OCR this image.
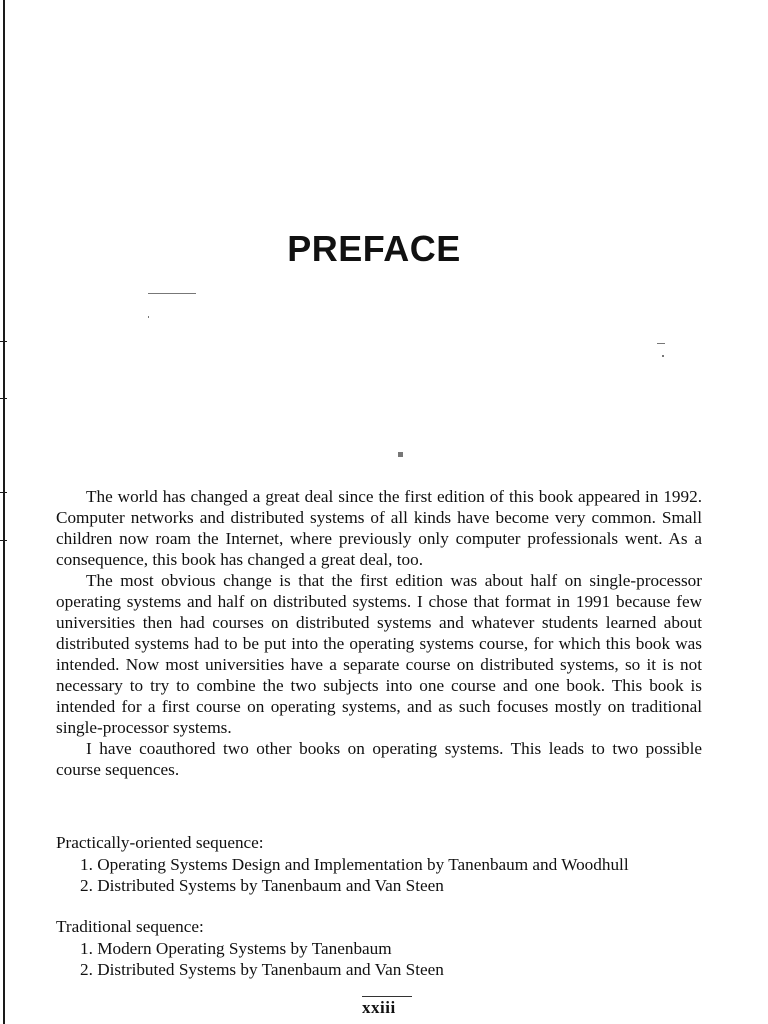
PREFACE

The world has changed a great deal since the first edition of this book appeared in 1992. Computer networks and distributed systems of all kinds have become very common. Small children now roam the Internet, where previously only computer professionals went. As a consequence, this book has changed a great deal, too.

The most obvious change is that the first edition was about half on single-processor operating systems and half on distributed systems. I chose that format in 1991 because few universities then had courses on distributed systems and whatever students learned about distributed systems had to be put into the operating systems course, for which this book was intended. Now most universities have a separate course on distributed systems, so it is not necessary to try to combine the two subjects into one course and one book. This book is intended for a first course on operating systems, and as such focuses mostly on traditional single-processor systems.

I have coauthored two other books on operating systems. This leads to two possible course sequences.

Practically-oriented sequence:

1. Operating Systems Design and Implementation by Tanenbaum and Woodhull
2. Distributed Systems by Tanenbaum and Van Steen

Traditional sequence:

1. Modern Operating Systems by Tanenbaum
2. Distributed Systems by Tanenbaum and Van Steen
xxiii
